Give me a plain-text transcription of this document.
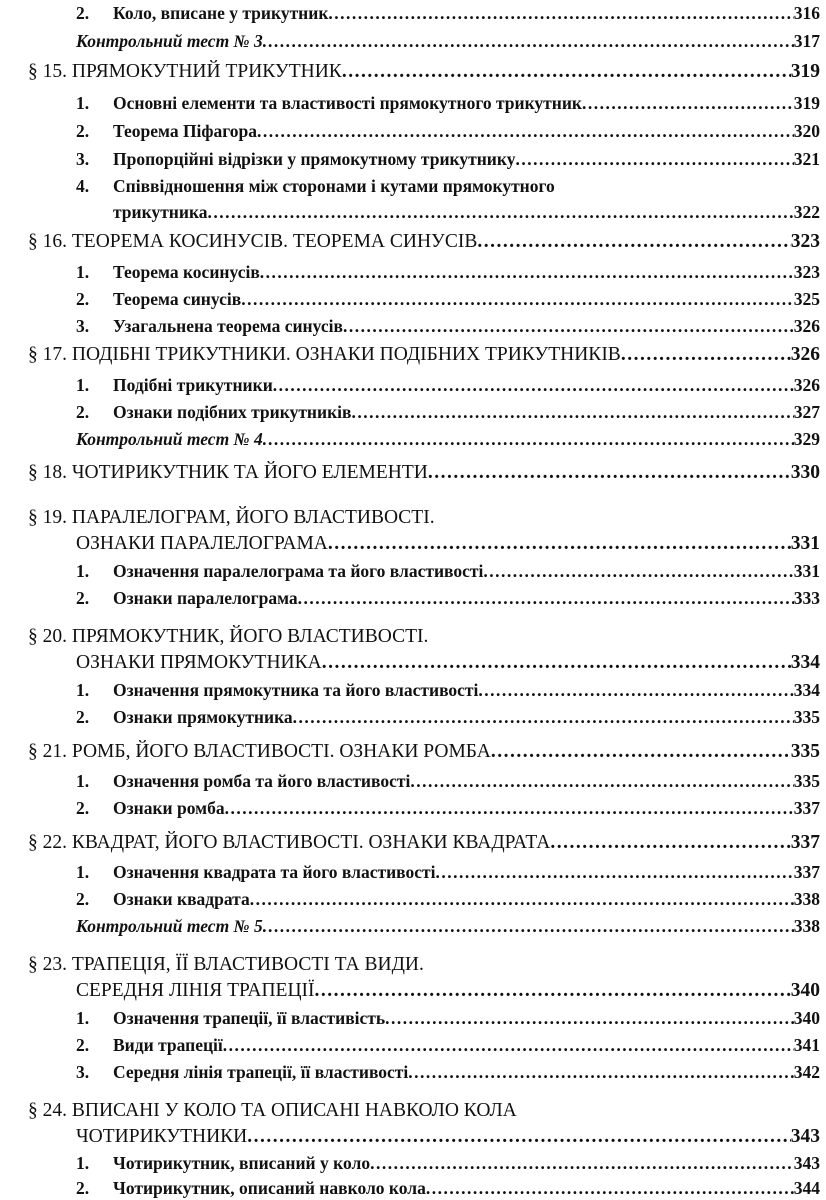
2. Коло, вписане у трикутник .....	316
Контрольний тест № 3 .....	317
§ 15. ПРЯМОКУТНИЙ ТРИКУТНИК .....	319
1. Основні елементи та властивості прямокутного трикутник .....	319
2. Теорема Піфагора .....	320
3. Пропорційні відрізки у прямокутному трикутнику .....	321
4.	Співвідношення між сторонами і кутами прямокутного
трикутника .....	322
§ 16. ТЕОРЕМА КОСИНУСІВ. ТЕОРЕМА СИНУСІВ .....	323
1. Теорема косинусів .....	323
2. Теорема синусів .....	325
3. Узагальнена теорема синусів .....	326
§ 17. ПОДІБНІ ТРИКУТНИКИ. ОЗНАКИ ПОДІБНИХ ТРИКУТНИКІВ .....	326
1. Подібні трикутники .....	326
2. Ознаки подібних трикутників .....	327
Контрольний тест № 4 .....	329
§ 18. ЧОТИРИКУТНИК ТА ЙОГО ЕЛЕМЕНТИ .....	330
§ 19. ПАРАЛЕЛОГРАМ, ЙОГО ВЛАСТИВОСТІ.
ОЗНАКИ ПАРАЛЕЛОГРАМА .....	331
1. Означення паралелограма та його властивості .....	331
2. Ознаки паралелограма .....	333
§ 20. ПРЯМОКУТНИК, ЙОГО ВЛАСТИВОСТІ.
ОЗНАКИ ПРЯМОКУТНИКА .....	334
1. Означення прямокутника та його властивості .....	334
2. Ознаки прямокутника .....	335
§ 21. РОМБ, ЙОГО ВЛАСТИВОСТІ. ОЗНАКИ РОМБА .....	335
1. Означення ромба та його властивості .....	335
2. Ознаки ромба .....	337
§ 22. КВАДРАТ, ЙОГО ВЛАСТИВОСТІ. ОЗНАКИ КВАДРАТА .....	337
1. Означення квадрата та його властивості .....	337
2. Ознаки квадрата .....	338
Контрольний тест № 5 .....	338
§ 23. ТРАПЕЦІЯ, ЇЇ ВЛАСТИВОСТІ ТА ВИДИ.
СЕРЕДНЯ ЛІНІЯ ТРАПЕЦІЇ .....	340
1. Означення трапеції, її властивість .....	340
2. Види трапеції .....	341
3. Середня лінія трапеції, її властивості .....	342
§ 24. ВПИСАНІ У КОЛО ТА ОПИСАНІ НАВКОЛО КОЛА
ЧОТИРИКУТНИКИ .....	343
1. Чотирикутник, вписаний у коло .....	343
2. Чотирикутник, описаний навколо кола .....	344
